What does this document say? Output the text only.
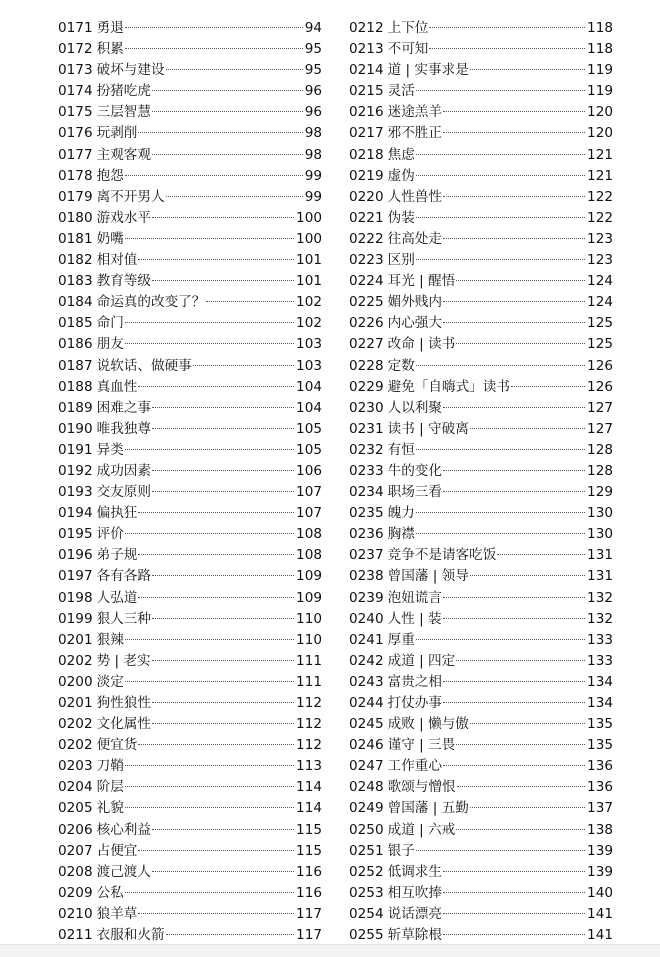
0171 勇退	94
0172 积累	95
0173 破坏与建设	95
0174 扮猪吃虎	96
0175 三层智慧	96
0176 玩剥削	98
0177 主观客观	98
0178 抱怨	99
0179 离不开男人	99
0180 游戏水平	100
0181 奶嘴	100
0182 相对值	101
0183 教育等级	101
0184 命运真的改变了？	102
0185 命门	102
0186 朋友	103
0187 说软话、做硬事	103
0188 真血性	104
0189 困难之事	104
0190 唯我独尊	105
0191 异类	105
0192 成功因素	106
0193 交友原则	107
0194 偏执狂	107
0195 评价	108
0196 弟子规	108
0197 各有各路	109
0198 人弘道	109
0199 狠人三种	110
0201 狠辣	110
0202 势 | 老实	111
0200 淡定	111
0201 狗性狼性	112
0202 文化属性	112
0202 便宜货	112
0203 刀鞘	113
0204 阶层	114
0205 礼貌	114
0206 核心利益	115
0207 占便宜	115
0208 渡己渡人	116
0209 公私	116
0210 狼羊草	117
0211 衣服和火箭	117
0212 上下位	118
0213 不可知	118
0214 道 | 实事求是	119
0215 灵活	119
0216 迷途羔羊	120
0217 邪不胜正	120
0218 焦虑	121
0219 虚伪	121
0220 人性兽性	122
0221 伪装	122
0222 往高处走	123
0223 区别	123
0224 耳光 | 醒悟	124
0225 媚外贱内	124
0226 内心强大	125
0227 改命 | 读书	125
0228 定数	126
0229 避免「自嗨式」读书	126
0230 人以利聚	127
0231 读书 | 守破离	127
0232 有恒	128
0233 牛的变化	128
0234 职场三看	129
0235 魄力	130
0236 胸襟	130
0237 竞争不是请客吃饭	131
0238 曾国藩 | 领导	131
0239 泡妞谎言	132
0240 人性 | 装	132
0241 厚重	133
0242 成道 | 四定	133
0243 富贵之相	134
0244 打仗办事	134
0245 成败 | 懒与傲	135
0246 谨守 | 三畏	135
0247 工作重心	136
0248 歌颂与憎恨	136
0249 曾国藩 | 五勤	137
0250 成道 | 六戒	138
0251 银子	139
0252 低调求生	139
0253 相互吹捧	140
0254 说话漂亮	141
0255 斩草除根	141
